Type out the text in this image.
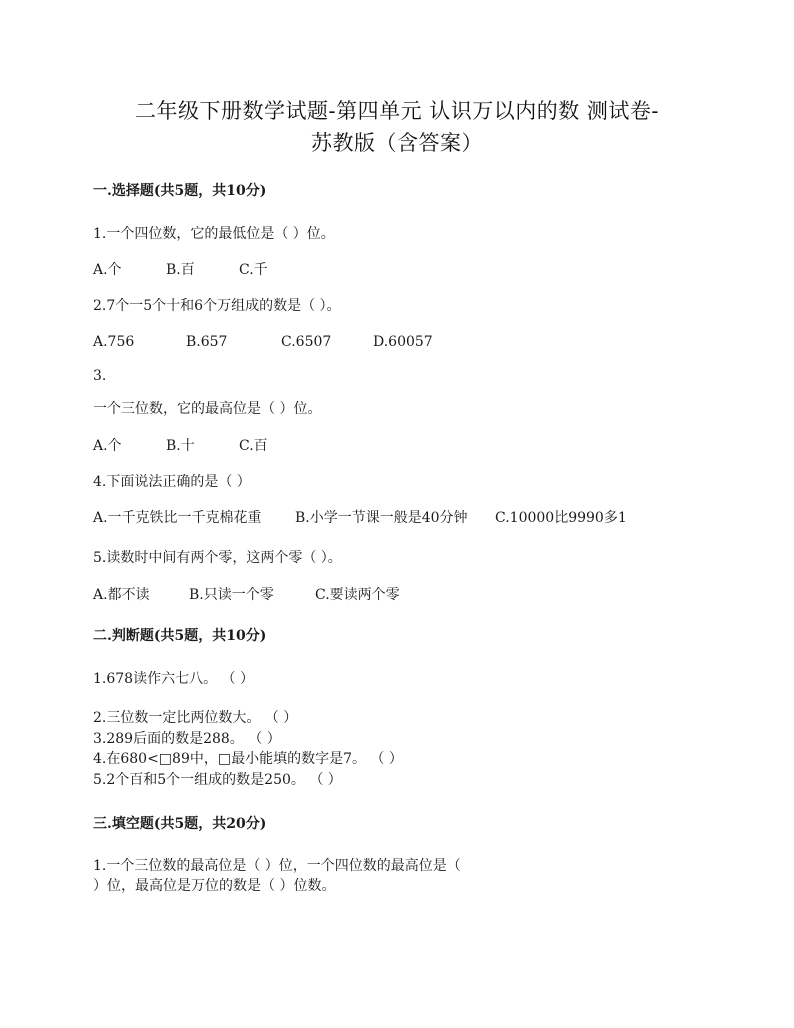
二年级下册数学试题-第四单元 认识万以内的数 测试卷-
苏教版（含答案）

一.选择题(共5题，共10分)

1.一个四位数，它的最低位是（ ）位。

A.个	B.百	C.千

2.7个一5个十和6个万组成的数是（ ）。

A.756	B.657	C.6507	D.60057

3.

一个三位数，它的最高位是（ ）位。

A.个	B.十	C.百

4.下面说法正确的是（ ）

A.一千克铁比一千克棉花重 B.小学一节课一般是40分钟 C.10000比9990多1

5.读数时中间有两个零，这两个零（ ）。

A.都不读	B.只读一个零	C.要读两个零

二.判断题(共5题，共10分)

1.678读作六七八。 （ ）

2.三位数一定比两位数大。 （ ）

3.289后面的数是288。 （ ）

4.在680<□89中，□最小能填的数字是7。 （ ）

5.2个百和5个一组成的数是250。 （ ）

三.填空题(共5题，共20分)

1.一个三位数的最高位是（ ）位，一个四位数的最高位是（

）位，最高位是万位的数是（ ）位数。
